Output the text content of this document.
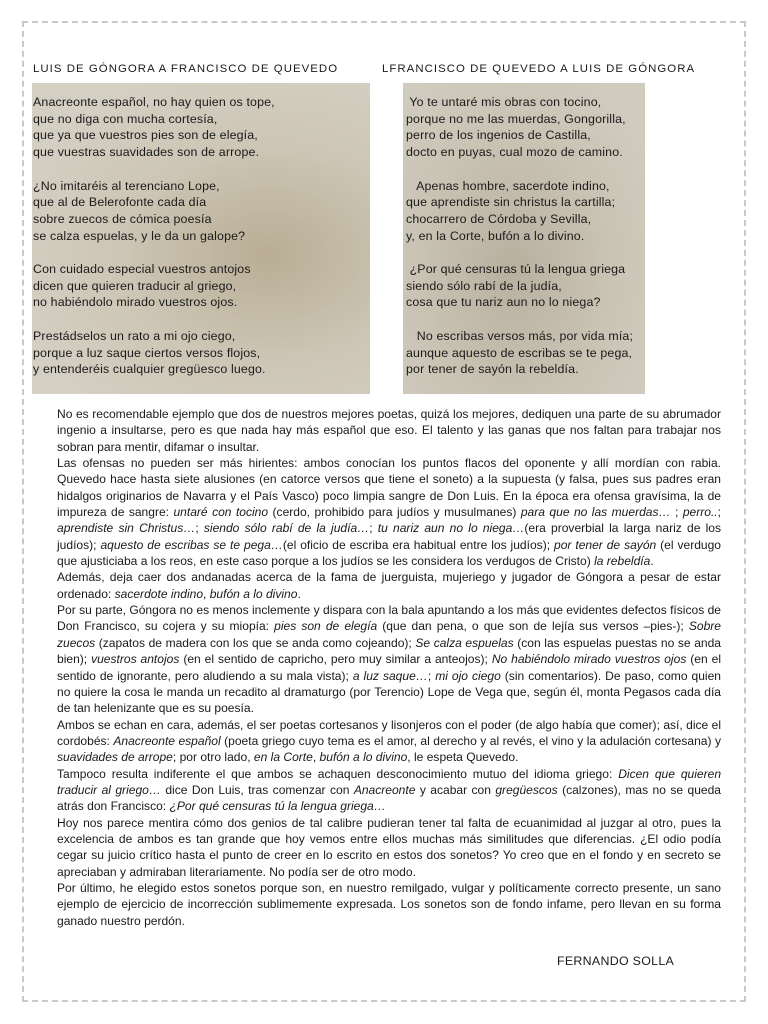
LUIS DE GÓNGORA A FRANCISCO DE QUEVEDO	LFRANCISCO DE QUEVEDO A LUIS DE GÓNGORA
Anacreonte español, no hay quien os tope,
que no diga con mucha cortesía,
que ya que vuestros pies son de elegía,
que vuestras suavidades son de arrope.

¿No imitaréis al terenciano Lope,
que al de Belerofonte cada día
sobre zuecos de cómica poesía
se calza espuelas, y le da un galope?

Con cuidado especial vuestros antojos
dicen que quieren traducir al griego,
no habiéndolo mirado vuestros ojos.

Prestádselos un rato a mi ojo ciego,
porque a luz saque ciertos versos flojos,
y entenderéis cualquier gregüesco luego.
Yo te untaré mis obras con tocino,
porque no me las muerdas, Gongorilla,
perro de los ingenios de Castilla,
docto en puyas, cual mozo de camino.

Apenas hombre, sacerdote indino,
que aprendiste sin christus la cartilla;
chocarrero de Córdoba y Sevilla,
y, en la Corte, bufón a lo divino.

¿Por qué censuras tú la lengua griega
siendo sólo rabí de la judía,
cosa que tu nariz aun no lo niega?

No escribas versos más, por vida mía;
aunque aquesto de escribas se te pega,
por tener de sayón la rebeldía.

No es recomendable ejemplo que dos de nuestros mejores poetas, quizá los mejores, dediquen una parte de su abrumador ingenio a insultarse, pero es que nada hay más español que eso. El talento y las ganas que nos faltan para trabajar nos sobran para mentir, difamar o insultar.

Las ofensas no pueden ser más hirientes: ambos conocían los puntos flacos del oponente y allí mordían con rabia. Quevedo hace hasta siete alusiones (en catorce versos que tiene el soneto) a la supuesta (y falsa, pues sus padres eran hidalgos originarios de Navarra y el País Vasco) poco limpia sangre de Don Luis. En la época era ofensa gravísima, la de impureza de sangre: untaré con tocino (cerdo, prohibido para judíos y musulmanes) para que no las muerdas… ; perro..; aprendiste sin Christus…; siendo sólo rabí de la judía…; tu nariz aun no lo niega…(era proverbial la larga nariz de los judíos); aquesto de escribas se te pega…(el oficio de escriba era habitual entre los judíos); por tener de sayón (el verdugo que ajusticiaba a los reos, en este caso porque a los judíos se les considera los verdugos de Cristo) la rebeldía.

Además, deja caer dos andanadas acerca de la fama de juerguista, mujeriego y jugador de Góngora a pesar de estar ordenado: sacerdote indino, bufón a lo divino.

Por su parte, Góngora no es menos inclemente y dispara con la bala apuntando a los más que evidentes defectos físicos de Don Francisco, su cojera y su miopía: pies son de elegía (que dan pena, o que son de lejía sus versos –pies-); Sobre zuecos (zapatos de madera con los que se anda como cojeando); Se calza espuelas (con las espuelas puestas no se anda bien); vuestros antojos (en el sentido de capricho, pero muy similar a anteojos); No habiéndolo mirado vuestros ojos (en el sentido de ignorante, pero aludiendo a su mala vista); a luz saque…; mi ojo ciego (sin comentarios). De paso, como quien no quiere la cosa le manda un recadito al dramaturgo (por Terencio) Lope de Vega que, según él, monta Pegasos cada día de tan helenizante que es su poesía.

Ambos se echan en cara, además, el ser poetas cortesanos y lisonjeros con el poder (de algo había que comer); así, dice el cordobés: Anacreonte español (poeta griego cuyo tema es el amor, al derecho y al revés, el vino y la adulación cortesana) y suavidades de arrope; por otro lado, en la Corte, bufón a lo divino, le espeta Quevedo.

Tampoco resulta indiferente el que ambos se achaquen desconocimiento mutuo del idioma griego: Dicen que quieren traducir al griego… dice Don Luis, tras comenzar con Anacreonte y acabar con gregüescos (calzones), mas no se queda atrás don Francisco: ¿Por qué censuras tú la lengua griega…

Hoy nos parece mentira cómo dos genios de tal calibre pudieran tener tal falta de ecuanimidad al juzgar al otro, pues la excelencia de ambos es tan grande que hoy vemos entre ellos muchas más similitudes que diferencias. ¿El odio podía cegar su juicio crítico hasta el punto de creer en lo escrito en estos dos sonetos? Yo creo que en el fondo y en secreto se apreciaban y admiraban literariamente. No podía ser de otro modo.

Por último, he elegido estos sonetos porque son, en nuestro remilgado, vulgar y políticamente correcto presente, un sano ejemplo de ejercicio de incorrección sublimemente expresada. Los sonetos son de fondo infame, pero llevan en su forma ganado nuestro perdón.

FERNANDO SOLLA
